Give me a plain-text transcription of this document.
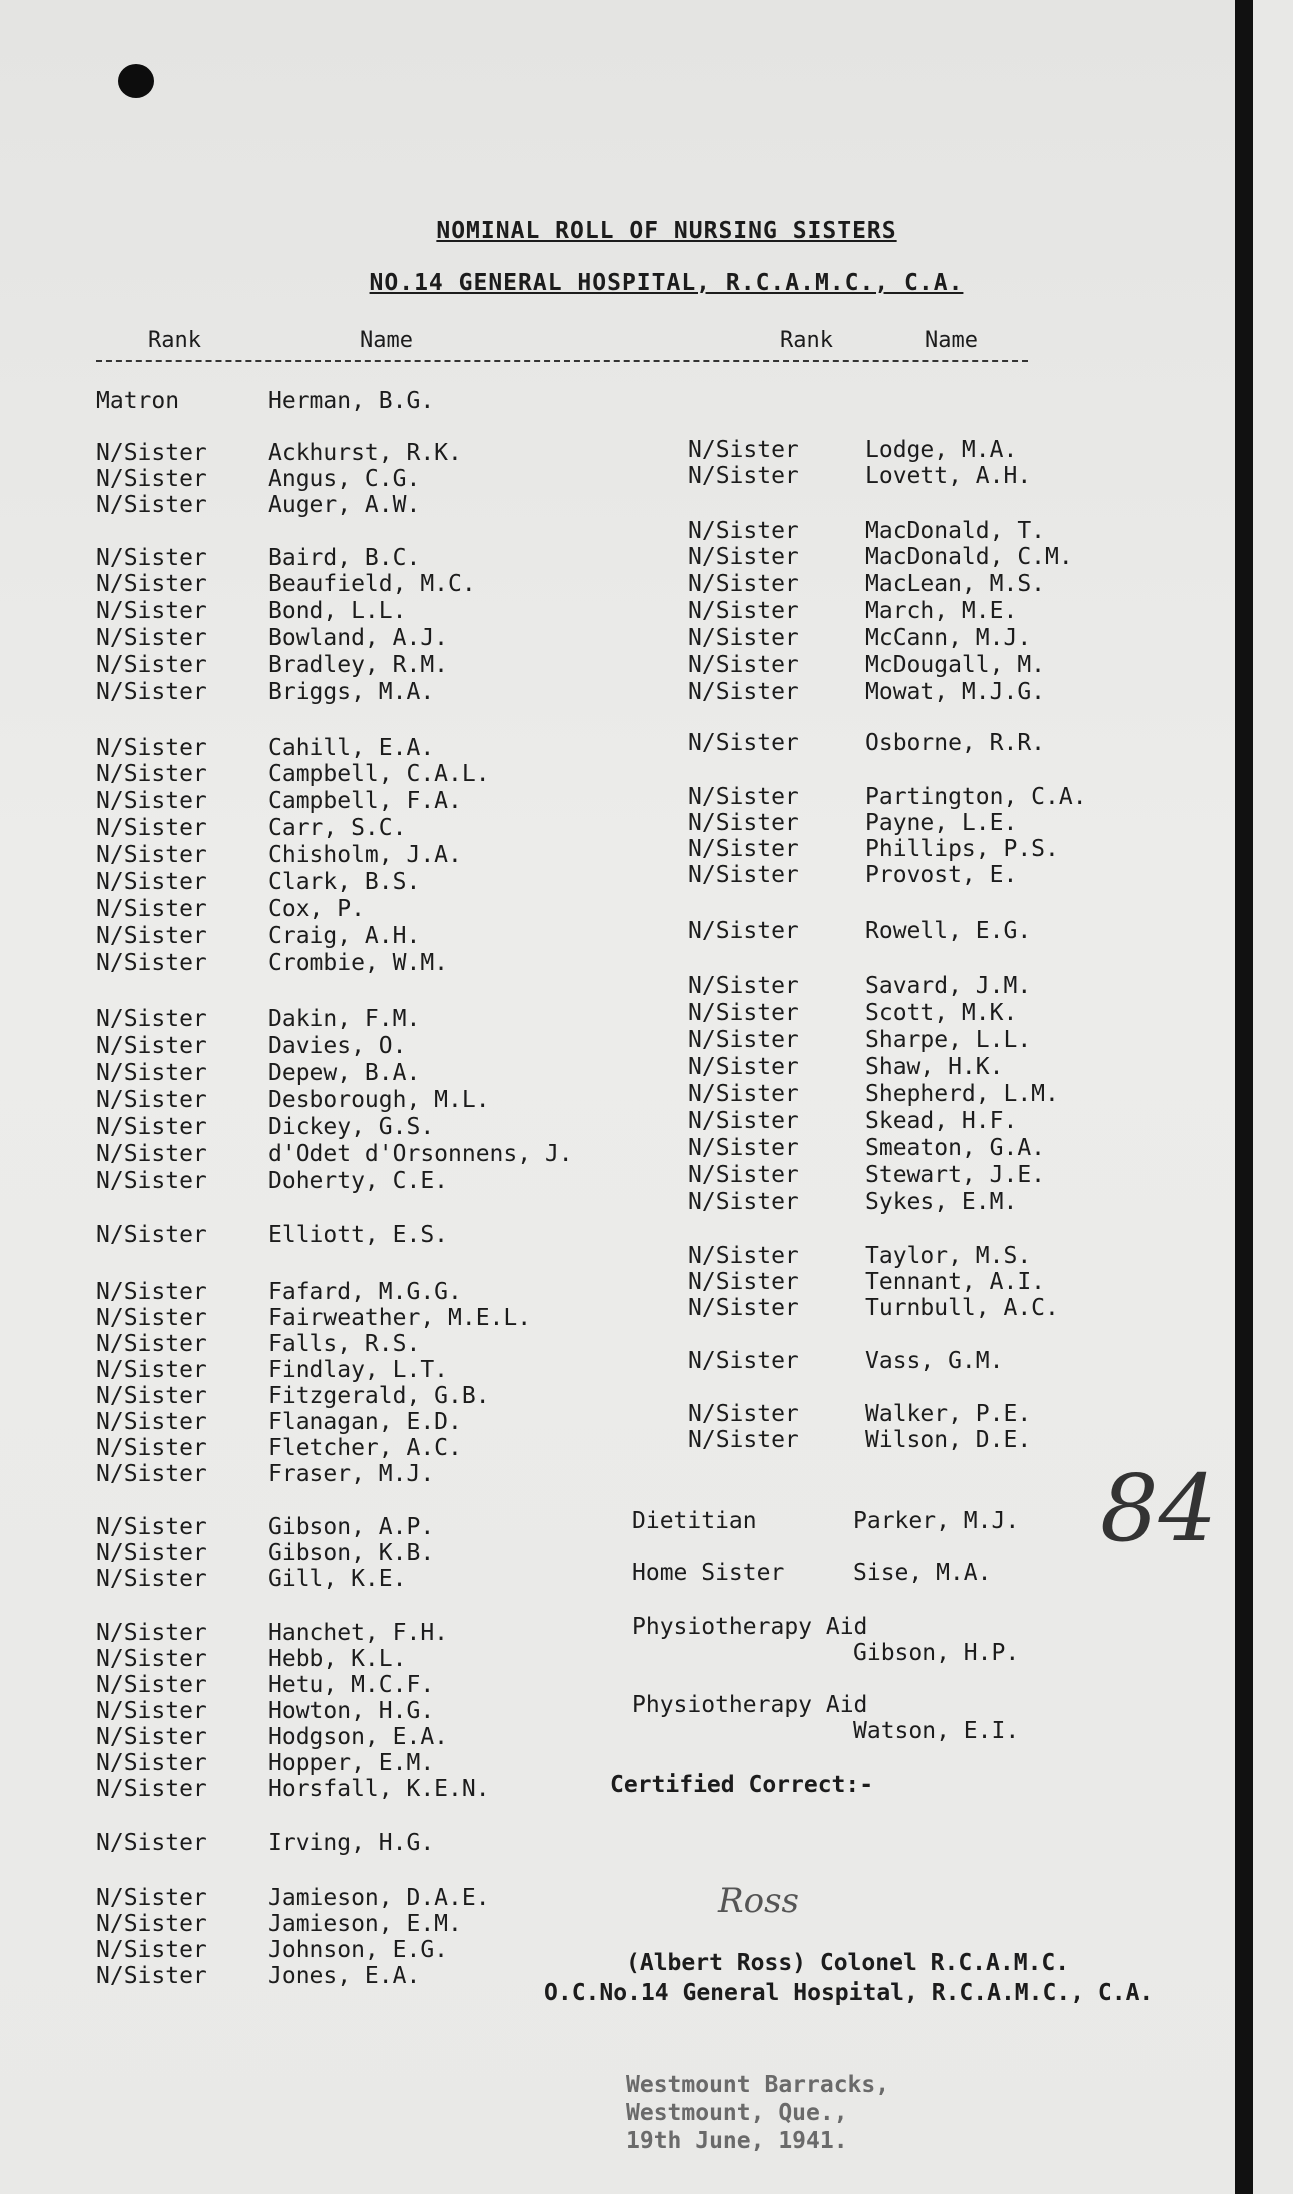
NOMINAL ROLL OF NURSING SISTERS
NO.14 GENERAL HOSPITAL, R.C.A.M.C., C.A.
Rank	Name	Rank	Name
Matron	Herman, B.G.
N/Sister	Ackhurst, R.K.
N/Sister	Angus, C.G.
N/Sister	Auger, A.W.
N/Sister	Baird, B.C.
N/Sister	Beaufield, M.C.
N/Sister	Bond, L.L.
N/Sister	Bowland, A.J.
N/Sister	Bradley, R.M.
N/Sister	Briggs, M.A.
N/Sister	Cahill, E.A.
N/Sister	Campbell, C.A.L.
N/Sister	Campbell, F.A.
N/Sister	Carr, S.C.
N/Sister	Chisholm, J.A.
N/Sister	Clark, B.S.
N/Sister	Cox, P.
N/Sister	Craig, A.H.
N/Sister	Crombie, W.M.
N/Sister	Dakin, F.M.
N/Sister	Davies, O.
N/Sister	Depew, B.A.
N/Sister	Desborough, M.L.
N/Sister	Dickey, G.S.
N/Sister	d'Odet d'Orsonnens, J.
N/Sister	Doherty, C.E.
N/Sister	Elliott, E.S.
N/Sister	Fafard, M.G.G.
N/Sister	Fairweather, M.E.L.
N/Sister	Falls, R.S.
N/Sister	Findlay, L.T.
N/Sister	Fitzgerald, G.B.
N/Sister	Flanagan, E.D.
N/Sister	Fletcher, A.C.
N/Sister	Fraser, M.J.
N/Sister	Gibson, A.P.
N/Sister	Gibson, K.B.
N/Sister	Gill, K.E.
N/Sister	Hanchet, F.H.
N/Sister	Hebb, K.L.
N/Sister	Hetu, M.C.F.
N/Sister	Howton, H.G.
N/Sister	Hodgson, E.A.
N/Sister	Hopper, E.M.
N/Sister	Horsfall, K.E.N.
N/Sister	Irving, H.G.
N/Sister	Jamieson, D.A.E.
N/Sister	Jamieson, E.M.
N/Sister	Johnson, E.G.
N/Sister	Jones, E.A.
N/Sister	Lodge, M.A.
N/Sister	Lovett, A.H.
N/Sister	MacDonald, T.
N/Sister	MacDonald, C.M.
N/Sister	MacLean, M.S.
N/Sister	March, M.E.
N/Sister	McCann, M.J.
N/Sister	McDougall, M.
N/Sister	Mowat, M.J.G.
N/Sister	Osborne, R.R.
N/Sister	Partington, C.A.
N/Sister	Payne, L.E.
N/Sister	Phillips, P.S.
N/Sister	Provost, E.
N/Sister	Rowell, E.G.
N/Sister	Savard, J.M.
N/Sister	Scott, M.K.
N/Sister	Sharpe, L.L.
N/Sister	Shaw, H.K.
N/Sister	Shepherd, L.M.
N/Sister	Skead, H.F.
N/Sister	Smeaton, G.A.
N/Sister	Stewart, J.E.
N/Sister	Sykes, E.M.
N/Sister	Taylor, M.S.
N/Sister	Tennant, A.I.
N/Sister	Turnbull, A.C.
N/Sister	Vass, G.M.
N/Sister	Walker, P.E.
N/Sister	Wilson, D.E.
Dietitian	Parker, M.J.
Home Sister	Sise, M.A.
Physiotherapy Aid
Gibson, H.P.
Physiotherapy Aid
Watson, E.I.
Certified Correct:-
Ross
(Albert Ross) Colonel R.C.A.M.C.
O.C.No.14 General Hospital, R.C.A.M.C., C.A.
Westmount Barracks,
Westmount, Que.,
19th June, 1941.
84
